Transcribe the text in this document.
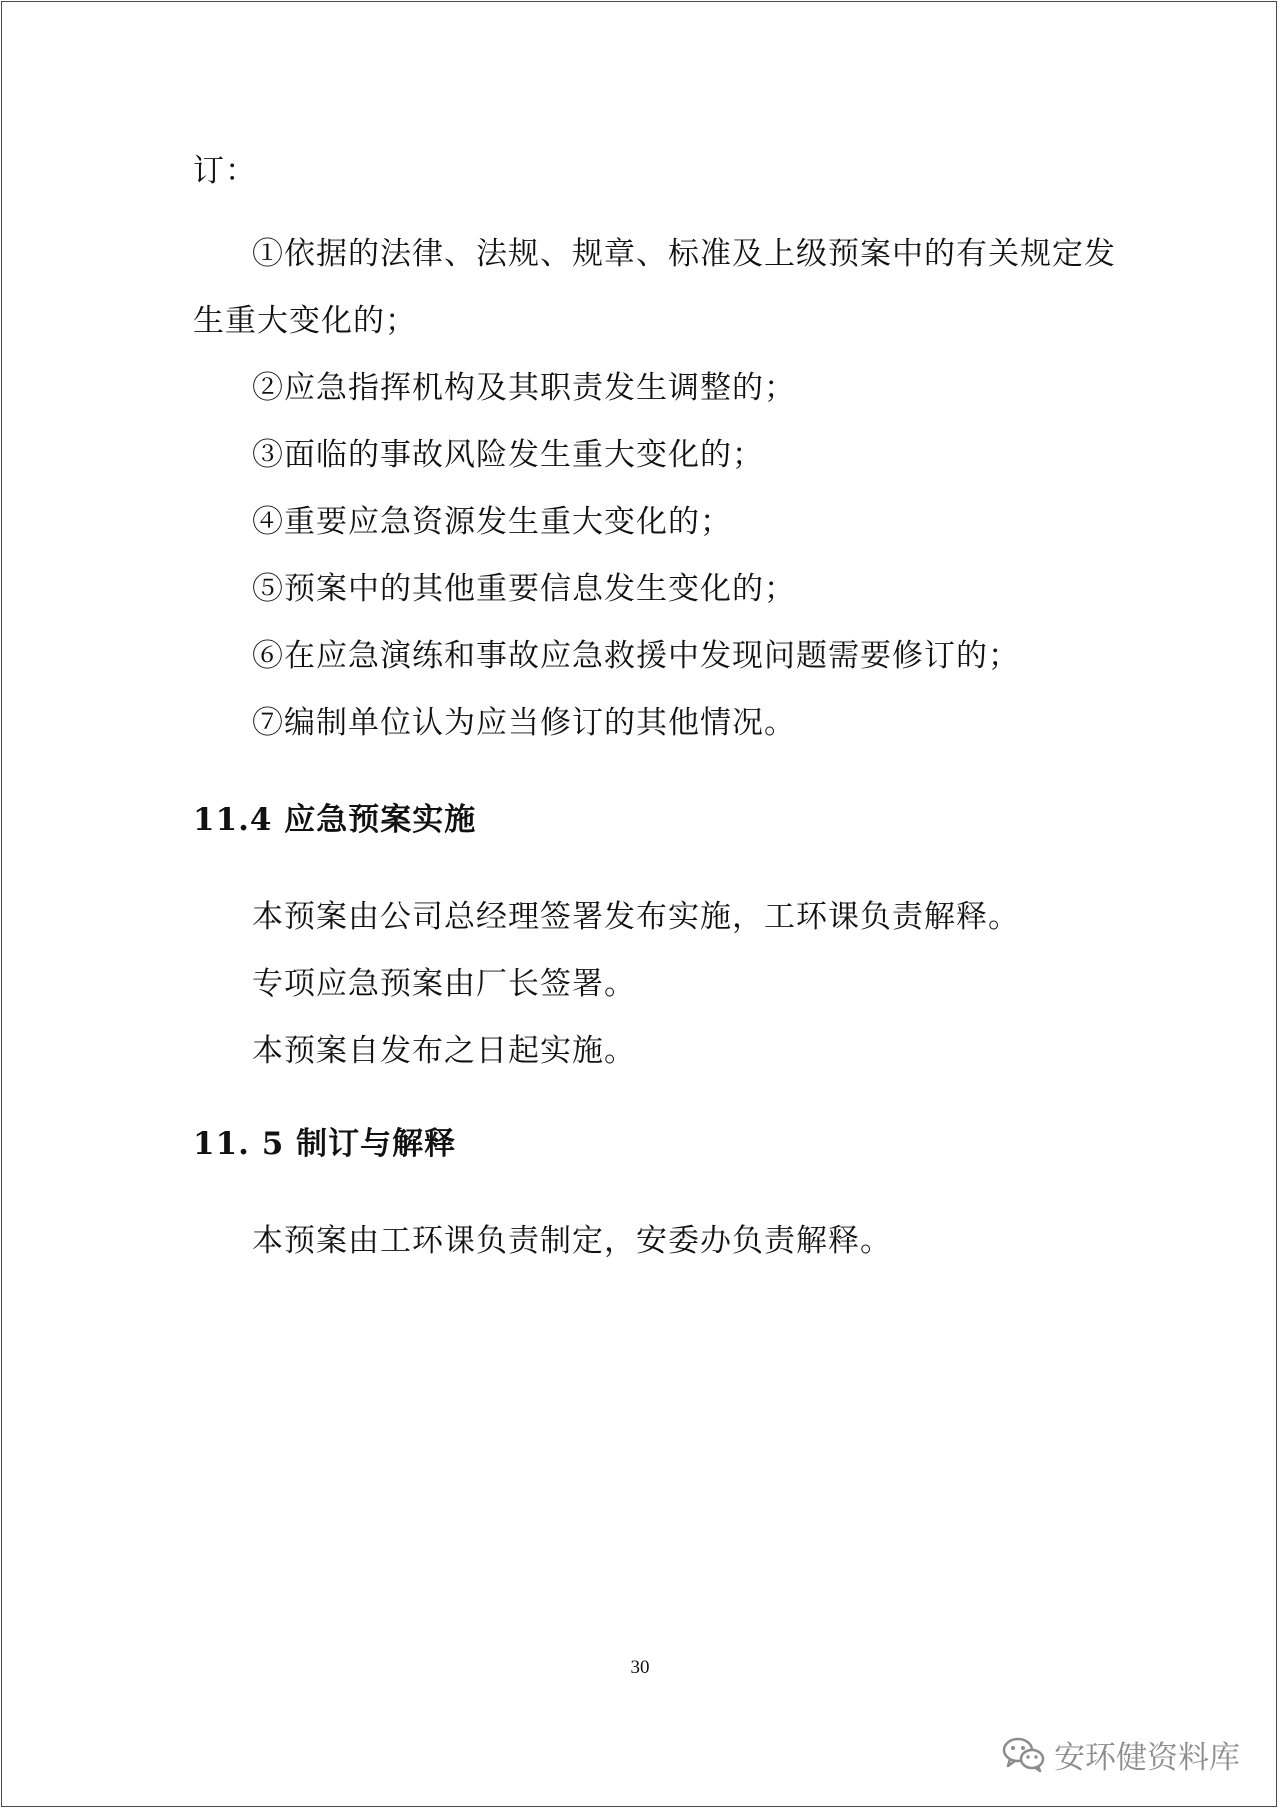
订：
①依据的法律、法规、规章、标准及上级预案中的有关规定发
生重大变化的；
②应急指挥机构及其职责发生调整的；
③面临的事故风险发生重大变化的；
④重要应急资源发生重大变化的；
⑤预案中的其他重要信息发生变化的；
⑥在应急演练和事故应急救援中发现问题需要修订的；
⑦编制单位认为应当修订的其他情况。
11.4 应急预案实施
本预案由公司总经理签署发布实施，工环课负责解释。
专项应急预案由厂长签署。
本预案自发布之日起实施。
11. 5 制订与解释
本预案由工环课负责制定，安委办负责解释。
30
安环健资料库
